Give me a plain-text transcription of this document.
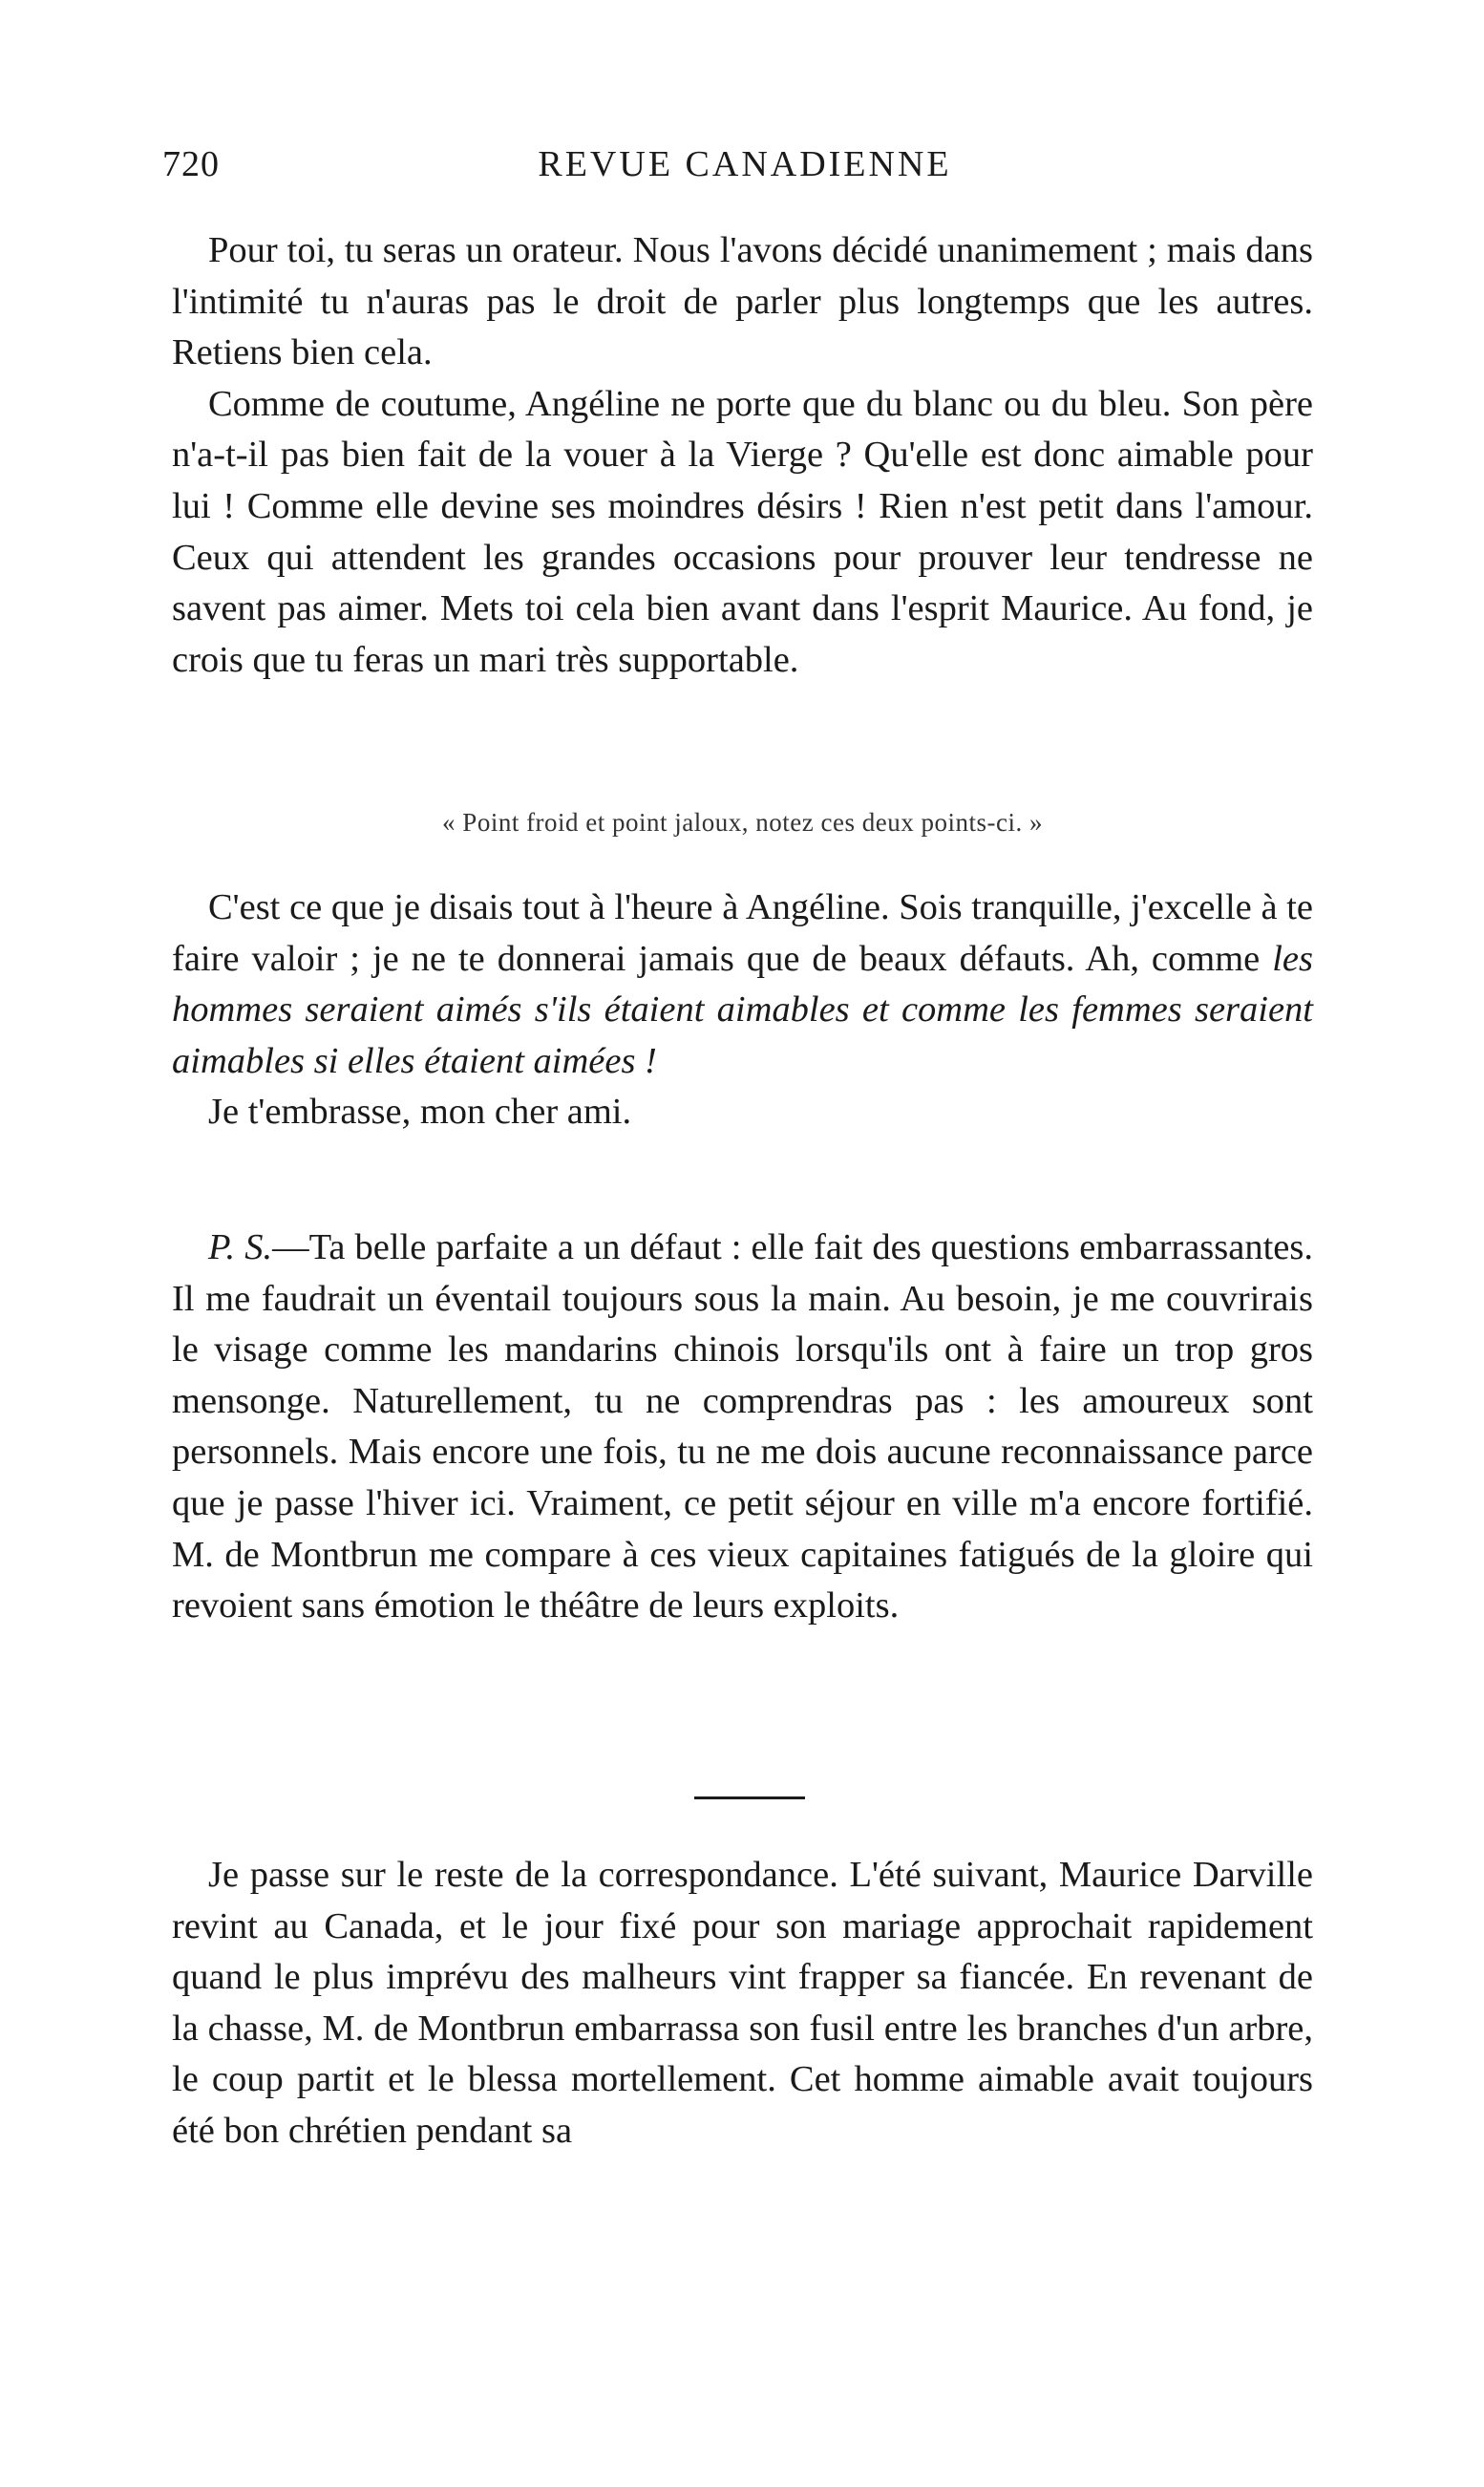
720	REVUE CANADIENNE

Pour toi, tu seras un orateur. Nous l'avons décidé unanimement ; mais dans l'intimité tu n'auras pas le droit de parler plus longtemps que les autres. Retiens bien cela.

Comme de coutume, Angéline ne porte que du blanc ou du bleu. Son père n'a-t-il pas bien fait de la vouer à la Vierge ? Qu'elle est donc aimable pour lui ! Comme elle devine ses moindres désirs ! Rien n'est petit dans l'amour. Ceux qui attendent les grandes occasions pour prouver leur tendresse ne savent pas aimer. Mets toi cela bien avant dans l'esprit Maurice. Au fond, je crois que tu feras un mari très supportable.

« Point froid et point jaloux, notez ces deux points-ci. »

C'est ce que je disais tout à l'heure à Angéline. Sois tranquille, j'excelle à te faire valoir ; je ne te donnerai jamais que de beaux défauts. Ah, comme les hommes seraient aimés s'ils étaient aimables et comme les femmes seraient aimables si elles étaient aimées !

Je t'embrasse, mon cher ami.

P. S.—Ta belle parfaite a un défaut : elle fait des questions embarrassantes. Il me faudrait un éventail toujours sous la main. Au besoin, je me couvrirais le visage comme les mandarins chinois lorsqu'ils ont à faire un trop gros mensonge. Naturellement, tu ne comprendras pas : les amoureux sont personnels. Mais encore une fois, tu ne me dois aucune reconnaissance parce que je passe l'hiver ici. Vraiment, ce petit séjour en ville m'a encore fortifié. M. de Montbrun me compare à ces vieux capitaines fatigués de la gloire qui revoient sans émotion le théâtre de leurs exploits.

Je passe sur le reste de la correspondance. L'été suivant, Maurice Darville revint au Canada, et le jour fixé pour son mariage approchait rapidement quand le plus imprévu des malheurs vint frapper sa fiancée. En revenant de la chasse, M. de Montbrun embarrassa son fusil entre les branches d'un arbre, le coup partit et le blessa mortellement. Cet homme aimable avait toujours été bon chrétien pendant sa
